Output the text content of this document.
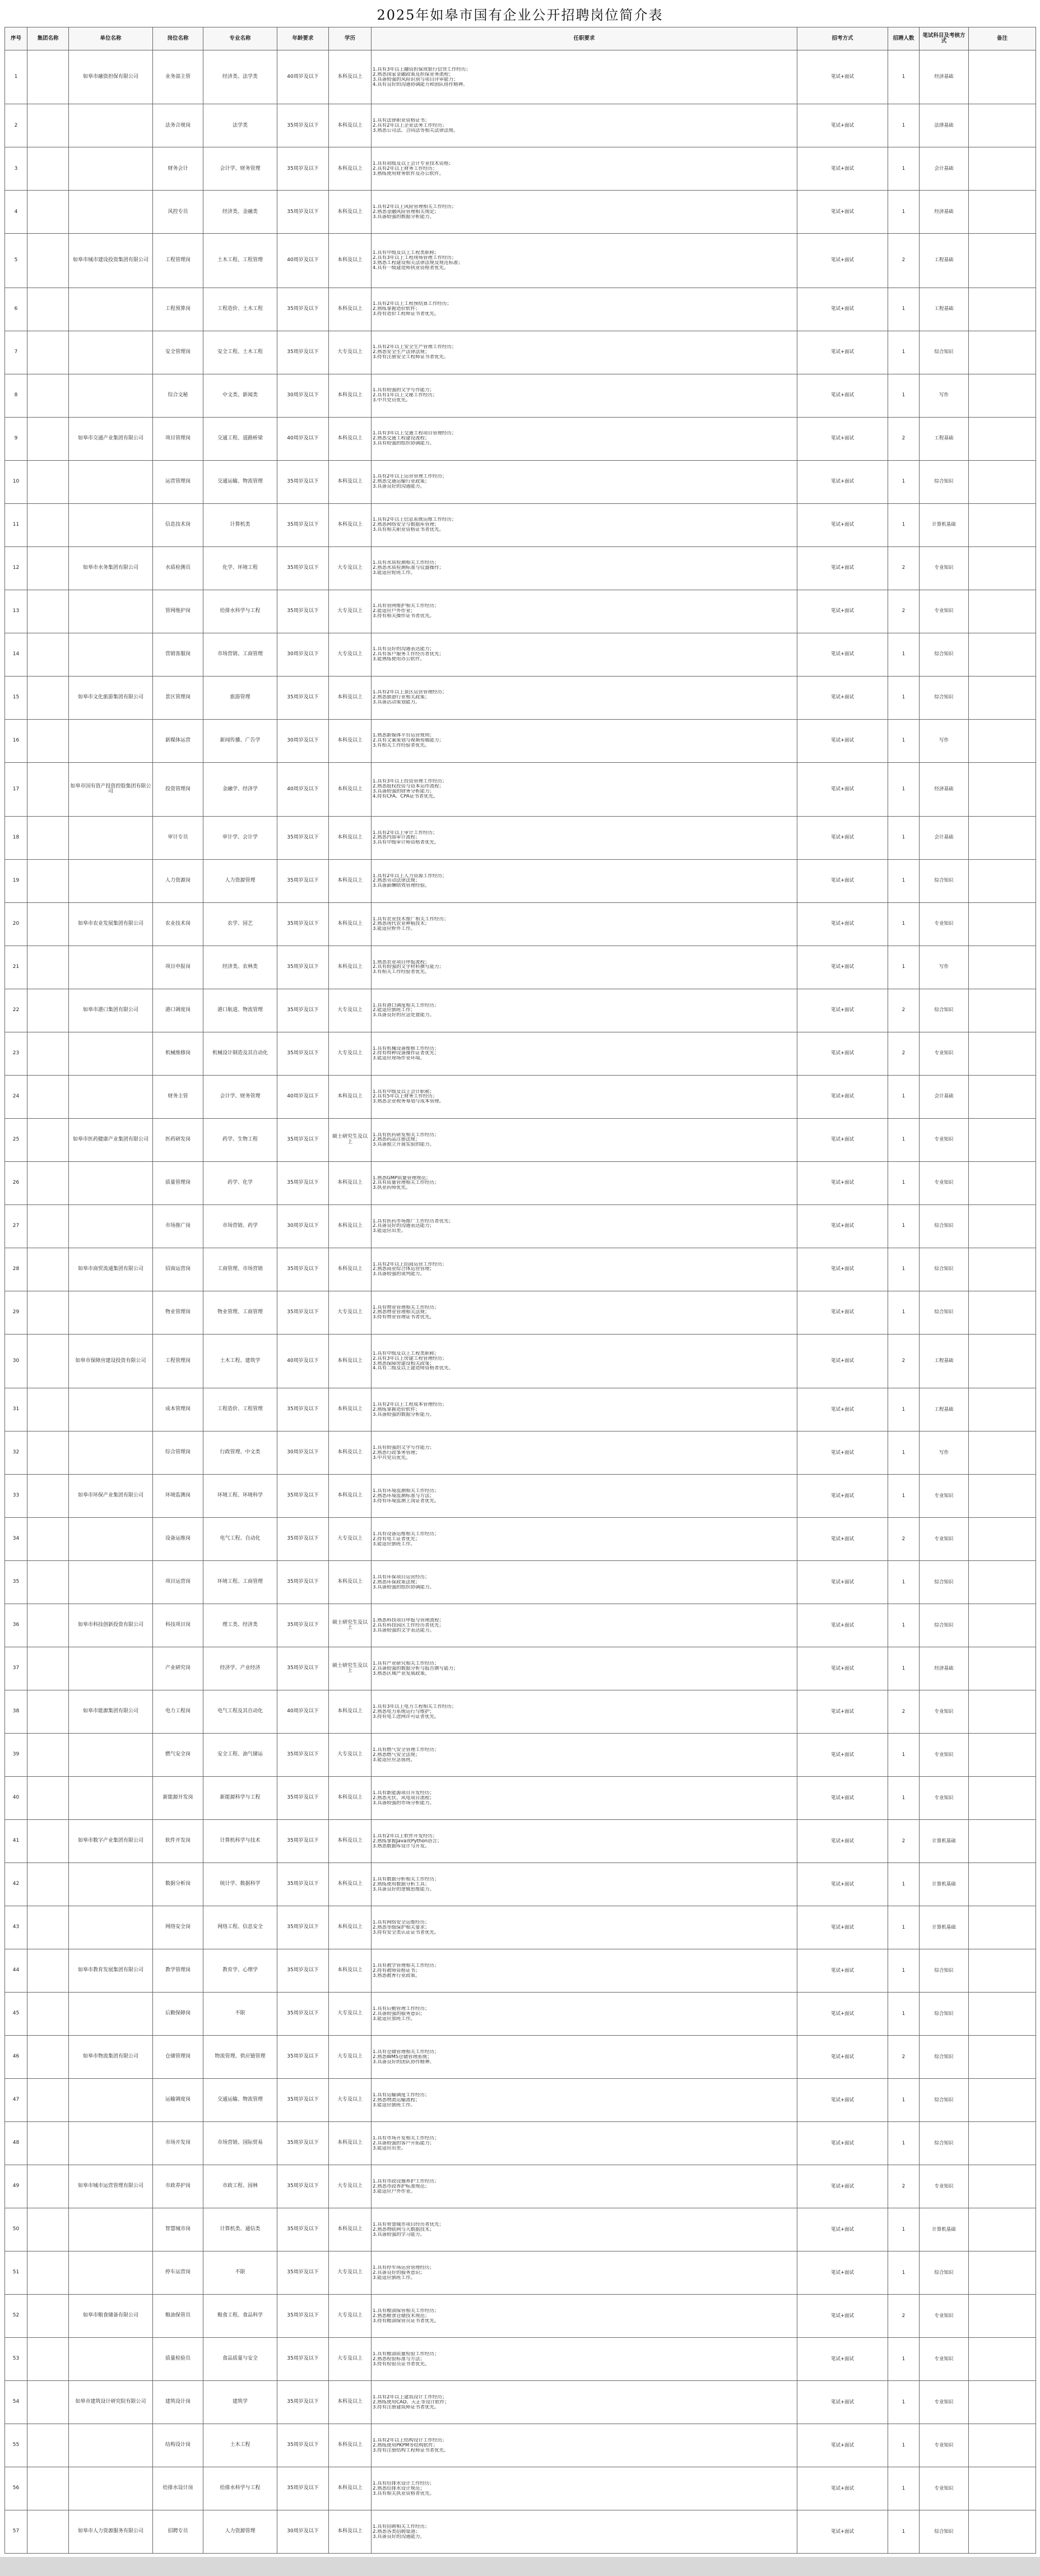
2025年如皋市国有企业公开招聘岗位简介表
序号	集团名称	单位名称	岗位名称	专业名称	年龄要求	学历	任职要求	招考方式	招聘人数	笔试科目及考核方式	备注
1		如皋市融资担保有限公司	业务部主管	经济类、法学类	40周岁及以下	本科及以上	1.具有3年以上融资担保或银行信贷工作经历；
2.熟悉国家金融政策及担保业务流程；
3.具备较强的风险识别与项目评审能力；
4.具有良好的沟通协调能力和团队协作精神。	笔试+面试	1	经济基础	
2			法务合规岗	法学类	35周岁及以下	本科及以上	1.具有法律职业资格证书；
2.具有2年以上企业法务工作经历；
3.熟悉公司法、合同法等相关法律法规。	笔试+面试	1	法律基础	
3			财务会计	会计学、财务管理	35周岁及以下	本科及以上	1.具有初级及以上会计专业技术资格；
2.具有2年以上财务工作经历；
3.熟练使用财务软件及办公软件。	笔试+面试	1	会计基础	
4			风控专员	经济类、金融类	35周岁及以下	本科及以上	1.具有2年以上风险管理相关工作经历；
2.熟悉金融风险管理相关规定；
3.具备较强的数据分析能力。	笔试+面试	1	经济基础	
5		如皋市城市建设投资集团有限公司	工程管理岗	土木工程、工程管理	40周岁及以下	本科及以上	1.具有中级及以上工程类职称；
2.具有3年以上工程现场管理工作经历；
3.熟悉工程建设相关法律法规及规范标准；
4.具有一级建造师执业资格者优先。	笔试+面试	2	工程基础	
6			工程预算岗	工程造价、土木工程	35周岁及以下	本科及以上	1.具有2年以上工程预结算工作经历；
2.熟练掌握造价软件；
3.持有造价工程师证书者优先。	笔试+面试	1	工程基础	
7			安全管理岗	安全工程、土木工程	35周岁及以下	大专及以上	1.具有2年以上安全生产管理工作经历；
2.熟悉安全生产法律法规；
3.持有注册安全工程师证书者优先。	笔试+面试	1	综合知识	
8			综合文秘	中文类、新闻类	30周岁及以下	本科及以上	1.具有较强的文字写作能力；
2.具有1年以上文秘工作经历；
3.中共党员优先。	笔试+面试	1	写作	
9		如皋市交通产业集团有限公司	项目管理岗	交通工程、道路桥梁	40周岁及以下	本科及以上	1.具有3年以上交通工程项目管理经历；
2.熟悉交通工程建设流程；
3.具有较强的组织协调能力。	笔试+面试	2	工程基础	
10			运营管理岗	交通运输、物流管理	35周岁及以下	本科及以上	1.具有2年以上运营管理工作经历；
2.熟悉交通运输行业政策；
3.具备良好的沟通能力。	笔试+面试	1	综合知识	
11			信息技术岗	计算机类	35周岁及以下	本科及以上	1.具有2年以上信息系统运维工作经历；
2.熟悉网络安全与数据库管理；
3.具有相关职业资格证书者优先。	笔试+面试	1	计算机基础	
12		如皋市水务集团有限公司	水质检测员	化学、环境工程	35周岁及以下	大专及以上	1.具有水质检测相关工作经历；
2.熟悉水质检测标准与仪器操作；
3.能适应轮班工作。	笔试+面试	2	专业知识	
13			管网维护岗	给排水科学与工程	35周岁及以下	大专及以上	1.具有管网维护相关工作经历；
2.能适应户外作业；
3.持有相关操作证书者优先。	笔试+面试	2	专业知识	
14			营销客服岗	市场营销、工商管理	30周岁及以下	大专及以上	1.具有良好的沟通表达能力；
2.具有客户服务工作经历者优先；
3.能熟练使用办公软件。	笔试+面试	1	综合知识	
15		如皋市文化旅游集团有限公司	景区管理岗	旅游管理	35周岁及以下	本科及以上	1.具有2年以上景区运营管理经历；
2.熟悉旅游行业相关政策；
3.具备活动策划能力。	笔试+面试	1	综合知识	
16			新媒体运营	新闻传播、广告学	30周岁及以下	本科及以上	1.熟悉新媒体平台运营规则；
2.具有文案策划与视频剪辑能力；
3.有相关工作经验者优先。	笔试+面试	1	写作	
17		如皋市国有资产投资控股集团有限公司	投资管理岗	金融学、经济学	40周岁及以下	本科及以上	1.具有3年以上投资管理工作经历；
2.熟悉股权投资与资本运作流程；
3.具备较强的财务分析能力；
4.持有CFA、CPA证书者优先。	笔试+面试	1	经济基础	
18			审计专员	审计学、会计学	35周岁及以下	本科及以上	1.具有2年以上审计工作经历；
2.熟悉内部审计流程；
3.具有中级审计师资格者优先。	笔试+面试	1	会计基础	
19			人力资源岗	人力资源管理	35周岁及以下	本科及以上	1.具有2年以上人力资源工作经历；
2.熟悉劳动法律法规；
3.具备薪酬绩效管理经验。	笔试+面试	1	综合知识	
20		如皋市农业发展集团有限公司	农业技术岗	农学、园艺	35周岁及以下	本科及以上	1.具有农业技术推广相关工作经历；
2.熟悉现代农业种植技术；
3.能适应野外工作。	笔试+面试	1	专业知识	
21			项目申报岗	经济类、农林类	35周岁及以下	本科及以上	1.熟悉农业项目申报流程；
2.具有较强的文字材料撰写能力；
3.有相关工作经验者优先。	笔试+面试	1	写作	
22		如皋市港口集团有限公司	港口调度岗	港口航道、物流管理	35周岁及以下	大专及以上	1.具有港口调度相关工作经历；
2.能适应倒班工作；
3.具备良好的应急处置能力。	笔试+面试	2	综合知识	
23			机械维修岗	机械设计制造及其自动化	35周岁及以下	大专及以上	1.具有机械设备维修工作经历；
2.持有特种设备操作证者优先；
3.能适应现场作业环境。	笔试+面试	2	专业知识	
24			财务主管	会计学、财务管理	40周岁及以下	本科及以上	1.具有中级及以上会计职称；
2.具有5年以上财务工作经历；
3.熟悉企业税务筹划与成本管理。	笔试+面试	1	会计基础	
25		如皋市医药健康产业集团有限公司	医药研发岗	药学、生物工程	35周岁及以下	硕士研究生及以上	1.具有医药研发相关工作经历；
2.熟悉药品注册法规；
3.具备独立开展实验的能力。	笔试+面试	1	专业知识	
26			质量管理岗	药学、化学	35周岁及以下	本科及以上	1.熟悉GMP质量管理规范；
2.具有质量管理相关工作经历；
3.执业药师优先。	笔试+面试	1	专业知识	
27			市场推广岗	市场营销、药学	30周岁及以下	本科及以上	1.具有医药市场推广工作经历者优先；
2.具备良好的沟通表达能力；
3.能适应出差。	笔试+面试	1	综合知识	
28		如皋市商贸流通集团有限公司	招商运营岗	工商管理、市场营销	35周岁及以下	本科及以上	1.具有2年以上招商运营工作经历；
2.熟悉商业综合体运营管理；
3.具备较强的谈判能力。	笔试+面试	1	综合知识	
29			物业管理岗	物业管理、工商管理	35周岁及以下	大专及以上	1.具有物业管理相关工作经历；
2.熟悉物业管理相关法规；
3.持有物业管理证书者优先。	笔试+面试	1	综合知识	
30		如皋市保障房建设投资有限公司	工程管理岗	土木工程、建筑学	40周岁及以下	本科及以上	1.具有中级及以上工程类职称；
2.具有3年以上房建工程管理经历；
3.熟悉保障房建设相关政策；
4.具有二级及以上建造师资格者优先。	笔试+面试	2	工程基础	
31			成本管理岗	工程造价、工程管理	35周岁及以下	本科及以上	1.具有2年以上工程成本管理经历；
2.熟练掌握造价软件；
3.具备较强的数据分析能力。	笔试+面试	1	工程基础	
32			综合管理岗	行政管理、中文类	30周岁及以下	本科及以上	1.具有较强的文字写作能力；
2.熟悉行政事务管理；
3.中共党员优先。	笔试+面试	1	写作	
33		如皋市环保产业集团有限公司	环境监测岗	环境工程、环境科学	35周岁及以下	本科及以上	1.具有环境监测相关工作经历；
2.熟悉环境监测标准与方法；
3.持有环境监测上岗证者优先。	笔试+面试	1	专业知识	
34			设备运维岗	电气工程、自动化	35周岁及以下	大专及以上	1.具有设备运维相关工作经历；
2.持有电工证者优先；
3.能适应倒班工作。	笔试+面试	2	专业知识	
35			项目运营岗	环境工程、工商管理	35周岁及以下	本科及以上	1.具有环保项目运营经历；
2.熟悉环保政策法规；
3.具备较强的组织协调能力。	笔试+面试	1	综合知识	
36		如皋市科技创新投资有限公司	科技项目岗	理工类、经济类	35周岁及以下	硕士研究生及以上	1.熟悉科技项目申报与管理流程；
2.具有科技园区工作经历者优先；
3.具备较强的文字表达能力。	笔试+面试	1	综合知识	
37			产业研究岗	经济学、产业经济	35周岁及以下	硕士研究生及以上	1.具有产业研究相关工作经历；
2.具备较强的数据分析与报告撰写能力；
3.熟悉区域产业发展政策。	笔试+面试	1	经济基础	
38		如皋市能源集团有限公司	电力工程岗	电气工程及其自动化	40周岁及以下	本科及以上	1.具有3年以上电力工程相关工作经历；
2.熟悉电力系统运行与维护；
3.持有电工进网许可证者优先。	笔试+面试	2	专业知识	
39			燃气安全岗	安全工程、油气储运	35周岁及以下	大专及以上	1.具有燃气安全管理工作经历；
2.熟悉燃气安全法规；
3.能适应应急值班。	笔试+面试	1	专业知识	
40			新能源开发岗	新能源科学与工程	35周岁及以下	本科及以上	1.具有新能源项目开发经历；
2.熟悉光伏、风电项目流程；
3.具备较强的市场分析能力。	笔试+面试	1	专业知识	
41		如皋市数字产业集团有限公司	软件开发岗	计算机科学与技术	35周岁及以下	本科及以上	1.具有2年以上软件开发经历；
2.熟练掌握Java或Python语言；
3.熟悉数据库设计与开发。	笔试+面试	2	计算机基础	
42			数据分析岗	统计学、数据科学	35周岁及以下	本科及以上	1.具有数据分析相关工作经历；
2.熟练使用数据分析工具；
3.具备良好的逻辑思维能力。	笔试+面试	1	计算机基础	
43			网络安全岗	网络工程、信息安全	35周岁及以下	本科及以上	1.具有网络安全运维经历；
2.熟悉等级保护相关要求；
3.持有安全类认证证书者优先。	笔试+面试	1	计算机基础	
44		如皋市教育发展集团有限公司	教学管理岗	教育学、心理学	35周岁及以下	本科及以上	1.具有教学管理相关工作经历；
2.持有教师资格证书；
3.熟悉教育行业政策。	笔试+面试	1	综合知识	
45			后勤保障岗	不限	35周岁及以下	大专及以上	1.具有后勤管理工作经历；
2.具备较强的服务意识；
3.能适应加班工作。	笔试+面试	1	综合知识	
46		如皋市物流集团有限公司	仓储管理岗	物流管理、供应链管理	35周岁及以下	大专及以上	1.具有仓储管理相关工作经历；
2.熟悉WMS仓储管理系统；
3.具备良好的团队协作精神。	笔试+面试	2	综合知识	
47			运输调度岗	交通运输、物流管理	35周岁及以下	大专及以上	1.具有运输调度工作经历；
2.熟悉物流运输流程；
3.能适应倒班工作。	笔试+面试	1	综合知识	
48			市场开发岗	市场营销、国际贸易	35周岁及以下	本科及以上	1.具有市场开发相关工作经历；
2.具备较强的客户开拓能力；
3.能适应出差。	笔试+面试	1	综合知识	
49		如皋市城市运营管理有限公司	市政养护岗	市政工程、园林	35周岁及以下	大专及以上	1.具有市政设施养护工作经历；
2.熟悉市政养护标准规范；
3.能适应户外作业。	笔试+面试	2	专业知识	
50			智慧城市岗	计算机类、通信类	35周岁及以下	本科及以上	1.具有智慧城市项目经历者优先；
2.熟悉物联网与大数据技术；
3.具备较强的学习能力。	笔试+面试	1	计算机基础	
51			停车运营岗	不限	35周岁及以下	大专及以上	1.具有停车场运营管理经历；
2.具备良好的服务意识；
3.能适应倒班工作。	笔试+面试	1	综合知识	
52		如皋市粮食储备有限公司	粮油保管员	粮食工程、食品科学	35周岁及以下	大专及以上	1.具有粮油保管相关工作经历；
2.熟悉粮食仓储技术规范；
3.持有粮油保管员证书者优先。	笔试+面试	2	专业知识	
53			质量检验员	食品质量与安全	35周岁及以下	大专及以上	1.具有粮油质量检验工作经历；
2.熟悉检验标准与方法；
3.持有检验员证书者优先。	笔试+面试	1	专业知识	
54		如皋市建筑设计研究院有限公司	建筑设计岗	建筑学	35周岁及以下	本科及以上	1.具有2年以上建筑设计工作经历；
2.熟练使用CAD、天正等设计软件；
3.持有注册建筑师证书者优先。	笔试+面试	1	专业知识	
55			结构设计岗	土木工程	35周岁及以下	本科及以上	1.具有2年以上结构设计工作经历；
2.熟练使用PKPM等结构软件；
3.持有注册结构工程师证书者优先。	笔试+面试	1	专业知识	
56			给排水设计岗	给排水科学与工程	35周岁及以下	本科及以上	1.具有给排水设计工作经历；
2.熟悉给排水设计规范；
3.具有相关执业资格者优先。	笔试+面试	1	专业知识	
57		如皋市人力资源服务有限公司	招聘专员	人力资源管理	30周岁及以下	本科及以上	1.具有招聘相关工作经历；
2.熟悉各类招聘渠道；
3.具备良好的沟通能力。	笔试+面试	1	综合知识	
